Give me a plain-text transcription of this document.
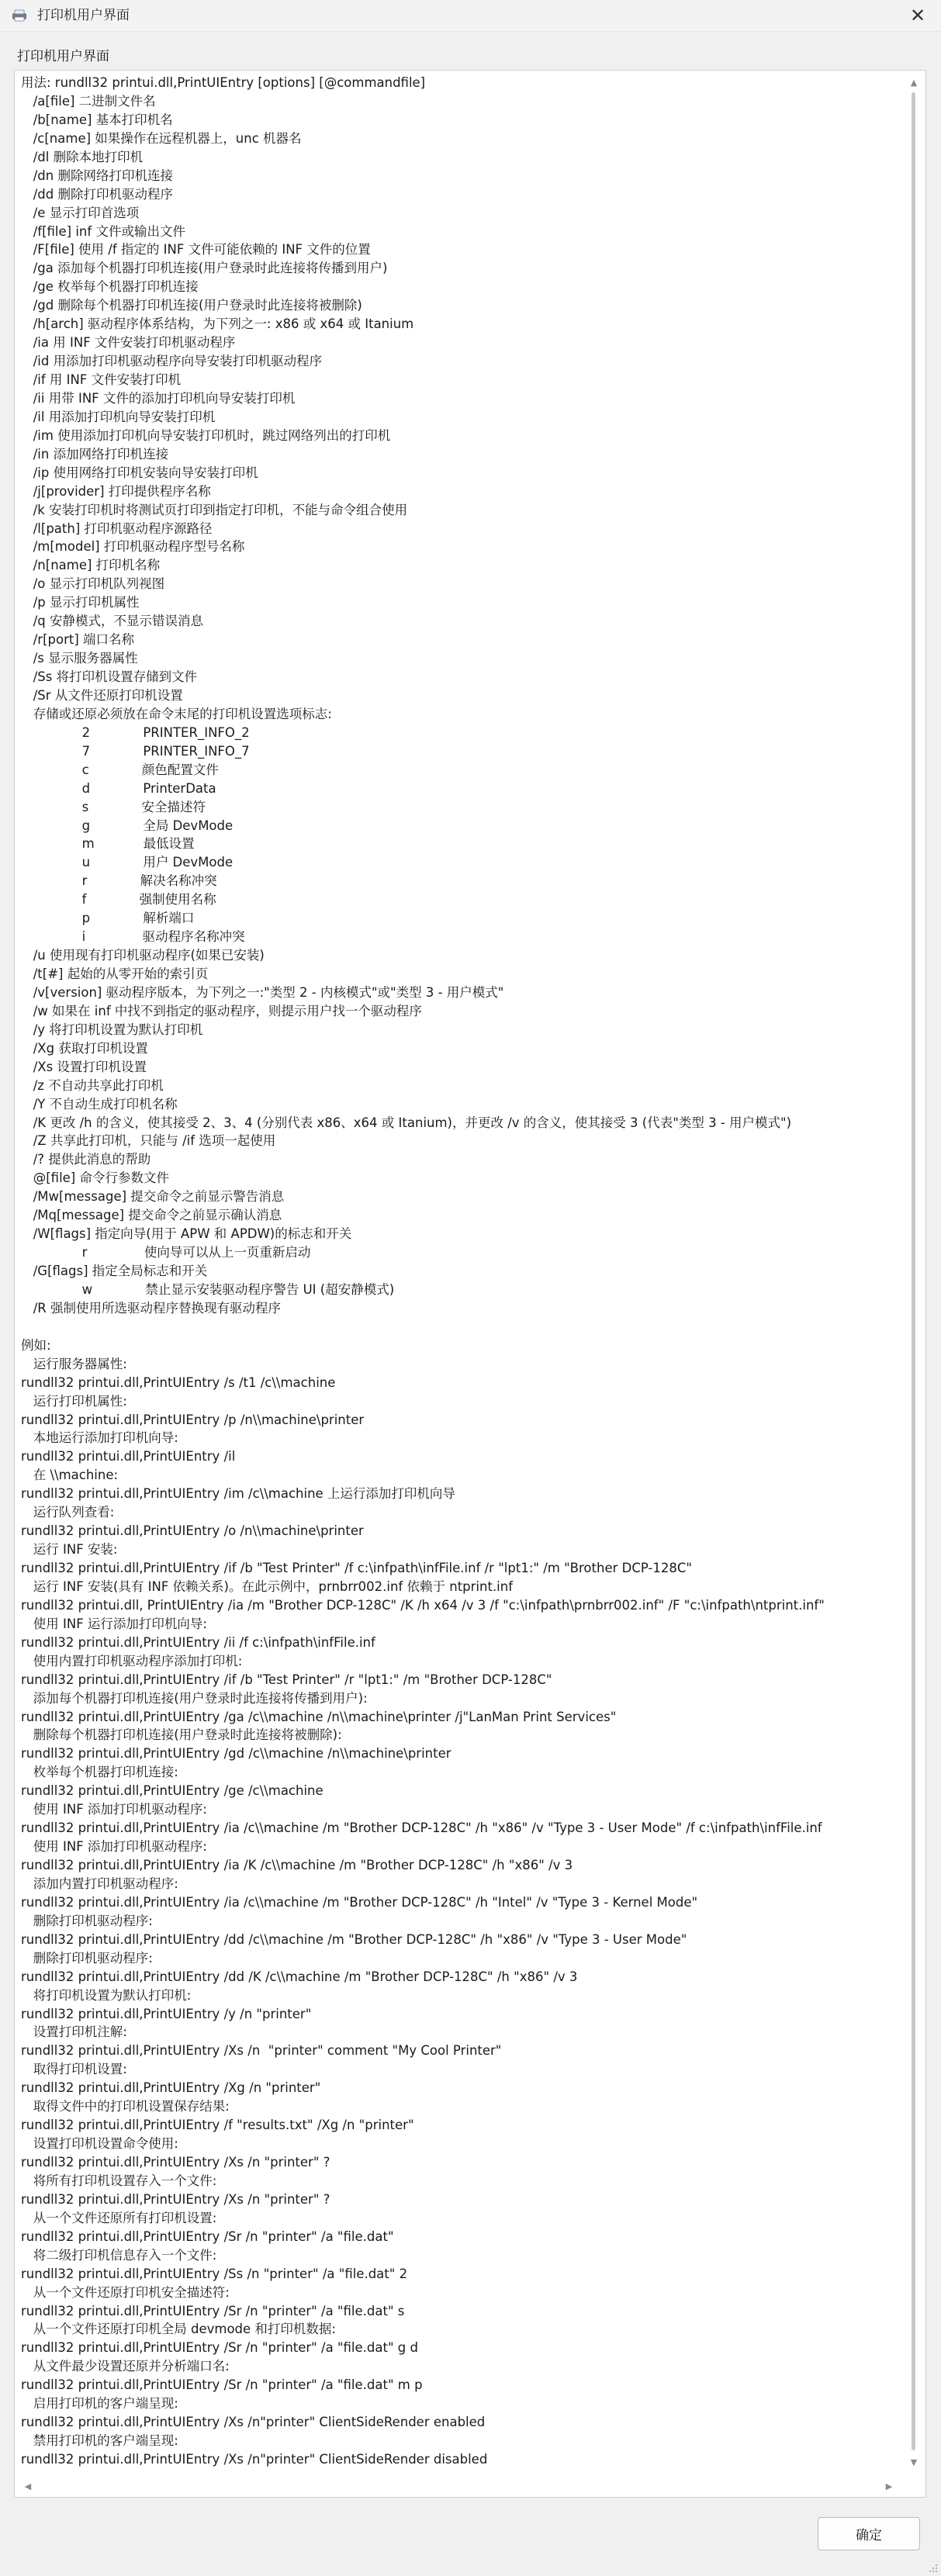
打印机用户界面	✕
打印机用户界面
用法: rundll32 printui.dll,PrintUIEntry [options] [@commandfile]
/a[file] 二进制文件名
/b[name] 基本打印机名
/c[name] 如果操作在远程机器上，unc 机器名
/dl 删除本地打印机
/dn 删除网络打印机连接
/dd 删除打印机驱动程序
/e 显示打印首选项
/f[file] inf 文件或输出文件
/F[file] 使用 /f 指定的 INF 文件可能依赖的 INF 文件的位置
/ga 添加每个机器打印机连接(用户登录时此连接将传播到用户)
/ge 枚举每个机器打印机连接
/gd 删除每个机器打印机连接(用户登录时此连接将被删除)
/h[arch] 驱动程序体系结构，为下列之一: x86 或 x64 或 Itanium
/ia 用 INF 文件安装打印机驱动程序
/id 用添加打印机驱动程序向导安装打印机驱动程序
/if 用 INF 文件安装打印机
/ii 用带 INF 文件的添加打印机向导安装打印机
/il 用添加打印机向导安装打印机
/im 使用添加打印机向导安装打印机时，跳过网络列出的打印机
/in 添加网络打印机连接
/ip 使用网络打印机安装向导安装打印机
/j[provider] 打印提供程序名称
/k 安装打印机时将测试页打印到指定打印机，不能与命令组合使用
/l[path] 打印机驱动程序源路径
/m[model] 打印机驱动程序型号名称
/n[name] 打印机名称
/o 显示打印机队列视图
/p 显示打印机属性
/q 安静模式，不显示错误消息
/r[port] 端口名称
/s 显示服务器属性
/Ss 将打印机设置存储到文件
/Sr 从文件还原打印机设置
存储或还原必须放在命令末尾的打印机设置选项标志:
2             PRINTER_INFO_2
7             PRINTER_INFO_7
c             颜色配置文件
d             PrinterData
s             安全描述符
g             全局 DevMode
m            最低设置
u             用户 DevMode
r             解决名称冲突
f             强制使用名称
p             解析端口
i              驱动程序名称冲突
/u 使用现有打印机驱动程序(如果已安装)
/t[#] 起始的从零开始的索引页
/v[version] 驱动程序版本，为下列之一:"类型 2 - 内核模式"或"类型 3 - 用户模式"
/w 如果在 inf 中找不到指定的驱动程序，则提示用户找一个驱动程序
/y 将打印机设置为默认打印机
/Xg 获取打印机设置
/Xs 设置打印机设置
/z 不自动共享此打印机
/Y 不自动生成打印机名称
/K 更改 /h 的含义，使其接受 2、3、4 (分别代表 x86、x64 或 Itanium)，并更改 /v 的含义，使其接受 3 (代表"类型 3 - 用户模式")
/Z 共享此打印机，只能与 /if 选项一起使用
/? 提供此消息的帮助
@[file] 命令行参数文件
/Mw[message] 提交命令之前显示警告消息
/Mq[message] 提交命令之前显示确认消息
/W[flags] 指定向导(用于 APW 和 APDW)的标志和开关
r              使向导可以从上一页重新启动
/G[flags] 指定全局标志和开关
w             禁止显示安装驱动程序警告 UI (超安静模式)
/R 强制使用所选驱动程序替换现有驱动程序
例如:
运行服务器属性:
rundll32 printui.dll,PrintUIEntry /s /t1 /c\\machine
运行打印机属性:
rundll32 printui.dll,PrintUIEntry /p /n\\machine\printer
本地运行添加打印机向导:
rundll32 printui.dll,PrintUIEntry /il
在 \\machine:
rundll32 printui.dll,PrintUIEntry /im /c\\machine 上运行添加打印机向导
运行队列查看:
rundll32 printui.dll,PrintUIEntry /o /n\\machine\printer
运行 INF 安装:
rundll32 printui.dll,PrintUIEntry /if /b "Test Printer" /f c:\infpath\infFile.inf /r "lpt1:" /m "Brother DCP-128C"
运行 INF 安装(具有 INF 依赖关系)。在此示例中，prnbrr002.inf 依赖于 ntprint.inf
rundll32 printui.dll, PrintUIEntry /ia /m "Brother DCP-128C" /K /h x64 /v 3 /f "c:\infpath\prnbrr002.inf" /F "c:\infpath\ntprint.inf"
使用 INF 运行添加打印机向导:
rundll32 printui.dll,PrintUIEntry /ii /f c:\infpath\infFile.inf
使用内置打印机驱动程序添加打印机:
rundll32 printui.dll,PrintUIEntry /if /b "Test Printer" /r "lpt1:" /m "Brother DCP-128C"
添加每个机器打印机连接(用户登录时此连接将传播到用户):
rundll32 printui.dll,PrintUIEntry /ga /c\\machine /n\\machine\printer /j"LanMan Print Services"
删除每个机器打印机连接(用户登录时此连接将被删除):
rundll32 printui.dll,PrintUIEntry /gd /c\\machine /n\\machine\printer
枚举每个机器打印机连接:
rundll32 printui.dll,PrintUIEntry /ge /c\\machine
使用 INF 添加打印机驱动程序:
rundll32 printui.dll,PrintUIEntry /ia /c\\machine /m "Brother DCP-128C" /h "x86" /v "Type 3 - User Mode" /f c:\infpath\infFile.inf
使用 INF 添加打印机驱动程序:
rundll32 printui.dll,PrintUIEntry /ia /K /c\\machine /m "Brother DCP-128C" /h "x86" /v 3
添加内置打印机驱动程序:
rundll32 printui.dll,PrintUIEntry /ia /c\\machine /m "Brother DCP-128C" /h "Intel" /v "Type 3 - Kernel Mode"
删除打印机驱动程序:
rundll32 printui.dll,PrintUIEntry /dd /c\\machine /m "Brother DCP-128C" /h "x86" /v "Type 3 - User Mode"
删除打印机驱动程序:
rundll32 printui.dll,PrintUIEntry /dd /K /c\\machine /m "Brother DCP-128C" /h "x86" /v 3
将打印机设置为默认打印机:
rundll32 printui.dll,PrintUIEntry /y /n "printer"
设置打印机注解:
rundll32 printui.dll,PrintUIEntry /Xs /n  "printer" comment "My Cool Printer"
取得打印机设置:
rundll32 printui.dll,PrintUIEntry /Xg /n "printer"
取得文件中的打印机设置保存结果:
rundll32 printui.dll,PrintUIEntry /f "results.txt" /Xg /n "printer"
设置打印机设置命令使用:
rundll32 printui.dll,PrintUIEntry /Xs /n "printer" ?
将所有打印机设置存入一个文件:
rundll32 printui.dll,PrintUIEntry /Xs /n "printer" ?
从一个文件还原所有打印机设置:
rundll32 printui.dll,PrintUIEntry /Sr /n "printer" /a "file.dat"
将二级打印机信息存入一个文件:
rundll32 printui.dll,PrintUIEntry /Ss /n "printer" /a "file.dat" 2
从一个文件还原打印机安全描述符:
rundll32 printui.dll,PrintUIEntry /Sr /n "printer" /a "file.dat" s
从一个文件还原打印机全局 devmode 和打印机数据:
rundll32 printui.dll,PrintUIEntry /Sr /n "printer" /a "file.dat" g d
从文件最少设置还原并分析端口名:
rundll32 printui.dll,PrintUIEntry /Sr /n "printer" /a "file.dat" m p
启用打印机的客户端呈现:
rundll32 printui.dll,PrintUIEntry /Xs /n"printer" ClientSideRender enabled
禁用打印机的客户端呈现:
rundll32 printui.dll,PrintUIEntry /Xs /n"printer" ClientSideRender disabled
▲
▼
◀	▶
确定
